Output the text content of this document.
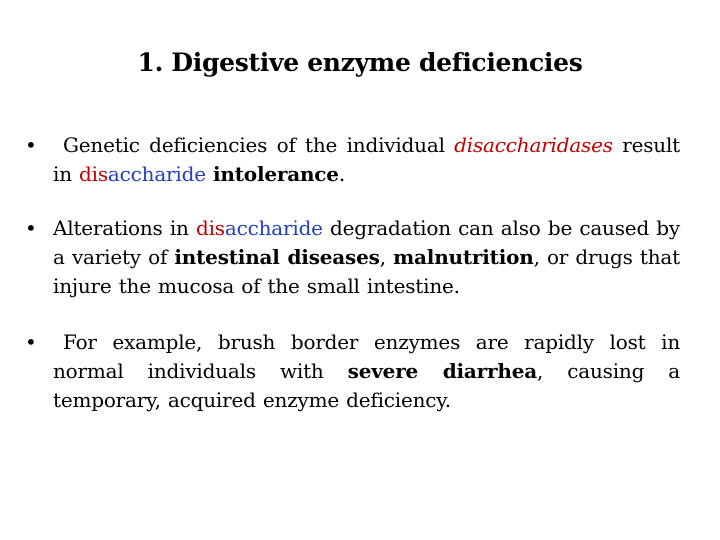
1. Digestive enzyme deficiencies
•	Genetic deficiencies of the individual disaccharidases result in disaccharide intolerance.
• Alterations in disaccharide degradation can also be caused by a variety of intestinal diseases, malnutrition, or drugs that injure the mucosa of the small intestine.
•	For example, brush border enzymes are rapidly lost in normal individuals with severe diarrhea, causing a temporary, acquired enzyme deficiency.
